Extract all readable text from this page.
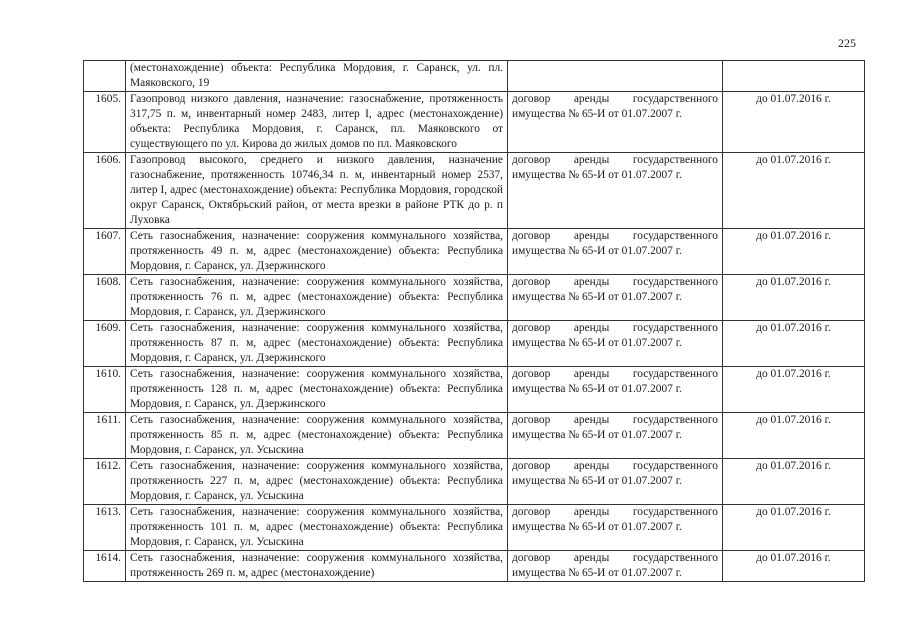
225
	(местонахождение) объекта: Республика Мордовия, г. Саранск, ул. пл. Маяковского, 19		
1605.	Газопровод низкого давления, назначение: газоснабжение, протяженность 317,75 п. м, инвентарный номер 2483, литер I, адрес (местонахождение) объекта: Республика Мордовия, г. Саранск, пл. Маяковского от существующего по ул. Кирова до жилых домов по пл. Маяковского	договор аренды государственного имущества № 65-И от 01.07.2007 г.	до 01.07.2016 г.
1606.	Газопровод высокого, среднего и низкого давления, назначение газоснабжение, протяженность 10746,34 п. м, инвентарный номер 2537, литер I, адрес (местонахождение) объекта: Республика Мордовия, городской округ Саранск, Октябрьский район, от места врезки в районе РТК до р. п Луховка	договор аренды государственного имущества № 65-И от 01.07.2007 г.	до 01.07.2016 г.
1607.	Сеть газоснабжения, назначение: сооружения коммунального хозяйства, протяженность 49 п. м, адрес (местонахождение) объекта: Республика Мордовия, г. Саранск, ул. Дзержинского	договор аренды государственного имущества № 65-И от 01.07.2007 г.	до 01.07.2016 г.
1608.	Сеть газоснабжения, назначение: сооружения коммунального хозяйства, протяженность 76 п. м, адрес (местонахождение) объекта: Республика Мордовия, г. Саранск, ул. Дзержинского	договор аренды государственного имущества № 65-И от 01.07.2007 г.	до 01.07.2016 г.
1609.	Сеть газоснабжения, назначение: сооружения коммунального хозяйства, протяженность 87 п. м, адрес (местонахождение) объекта: Республика Мордовия, г. Саранск, ул. Дзержинского	договор аренды государственного имущества № 65-И от 01.07.2007 г.	до 01.07.2016 г.
1610.	Сеть газоснабжения, назначение: сооружения коммунального хозяйства, протяженность 128 п. м, адрес (местонахождение) объекта: Республика Мордовия, г. Саранск, ул. Дзержинского	договор аренды государственного имущества № 65-И от 01.07.2007 г.	до 01.07.2016 г.
1611.	Сеть газоснабжения, назначение: сооружения коммунального хозяйства, протяженность 85 п. м, адрес (местонахождение) объекта: Республика Мордовия, г. Саранск, ул. Усыскина	договор аренды государственного имущества № 65-И от 01.07.2007 г.	до 01.07.2016 г.
1612.	Сеть газоснабжения, назначение: сооружения коммунального хозяйства, протяженность 227 п. м, адрес (местонахождение) объекта: Республика Мордовия, г. Саранск, ул. Усыскина	договор аренды государственного имущества № 65-И от 01.07.2007 г.	до 01.07.2016 г.
1613.	Сеть газоснабжения, назначение: сооружения коммунального хозяйства, протяженность 101 п. м, адрес (местонахождение) объекта: Республика Мордовия, г. Саранск, ул. Усыскина	договор аренды государственного имущества № 65-И от 01.07.2007 г.	до 01.07.2016 г.
1614.	Сеть газоснабжения, назначение: сооружения коммунального хозяйства, протяженность 269 п. м, адрес (местонахождение)	договор аренды государственного имущества № 65-И от 01.07.2007 г.	до 01.07.2016 г.
